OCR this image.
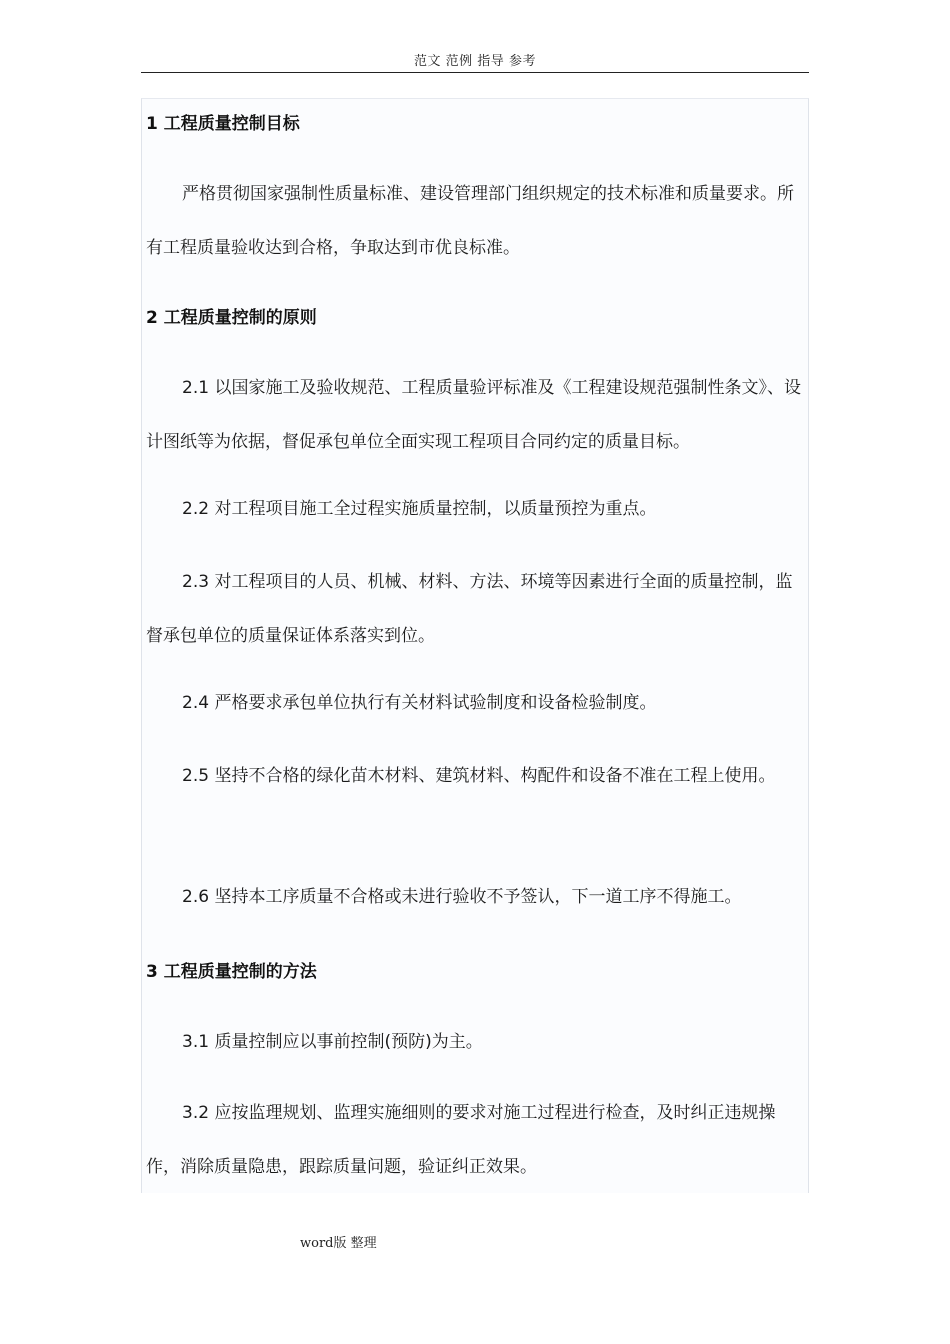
范文 范例 指导 参考
1 工程质量控制目标
严格贯彻国家强制性质量标准、建设管理部门组织规定的技术标准和质量要求。所有工程质量验收达到合格，争取达到市优良标准。
2 工程质量控制的原则
2.1 以国家施工及验收规范、工程质量验评标准及《工程建设规范强制性条文》、设计图纸等为依据，督促承包单位全面实现工程项目合同约定的质量目标。
2.2 对工程项目施工全过程实施质量控制，以质量预控为重点。
2.3 对工程项目的人员、机械、材料、方法、环境等因素进行全面的质量控制，监督承包单位的质量保证体系落实到位。
2.4 严格要求承包单位执行有关材料试验制度和设备检验制度。
2.5 坚持不合格的绿化苗木材料、建筑材料、构配件和设备不准在工程上使用。
2.6 坚持本工序质量不合格或未进行验收不予签认，下一道工序不得施工。
3 工程质量控制的方法
3.1 质量控制应以事前控制(预防)为主。
3.2 应按监理规划、监理实施细则的要求对施工过程进行检查，及时纠正违规操作，消除质量隐患，跟踪质量问题，验证纠正效果。
word版 整理
